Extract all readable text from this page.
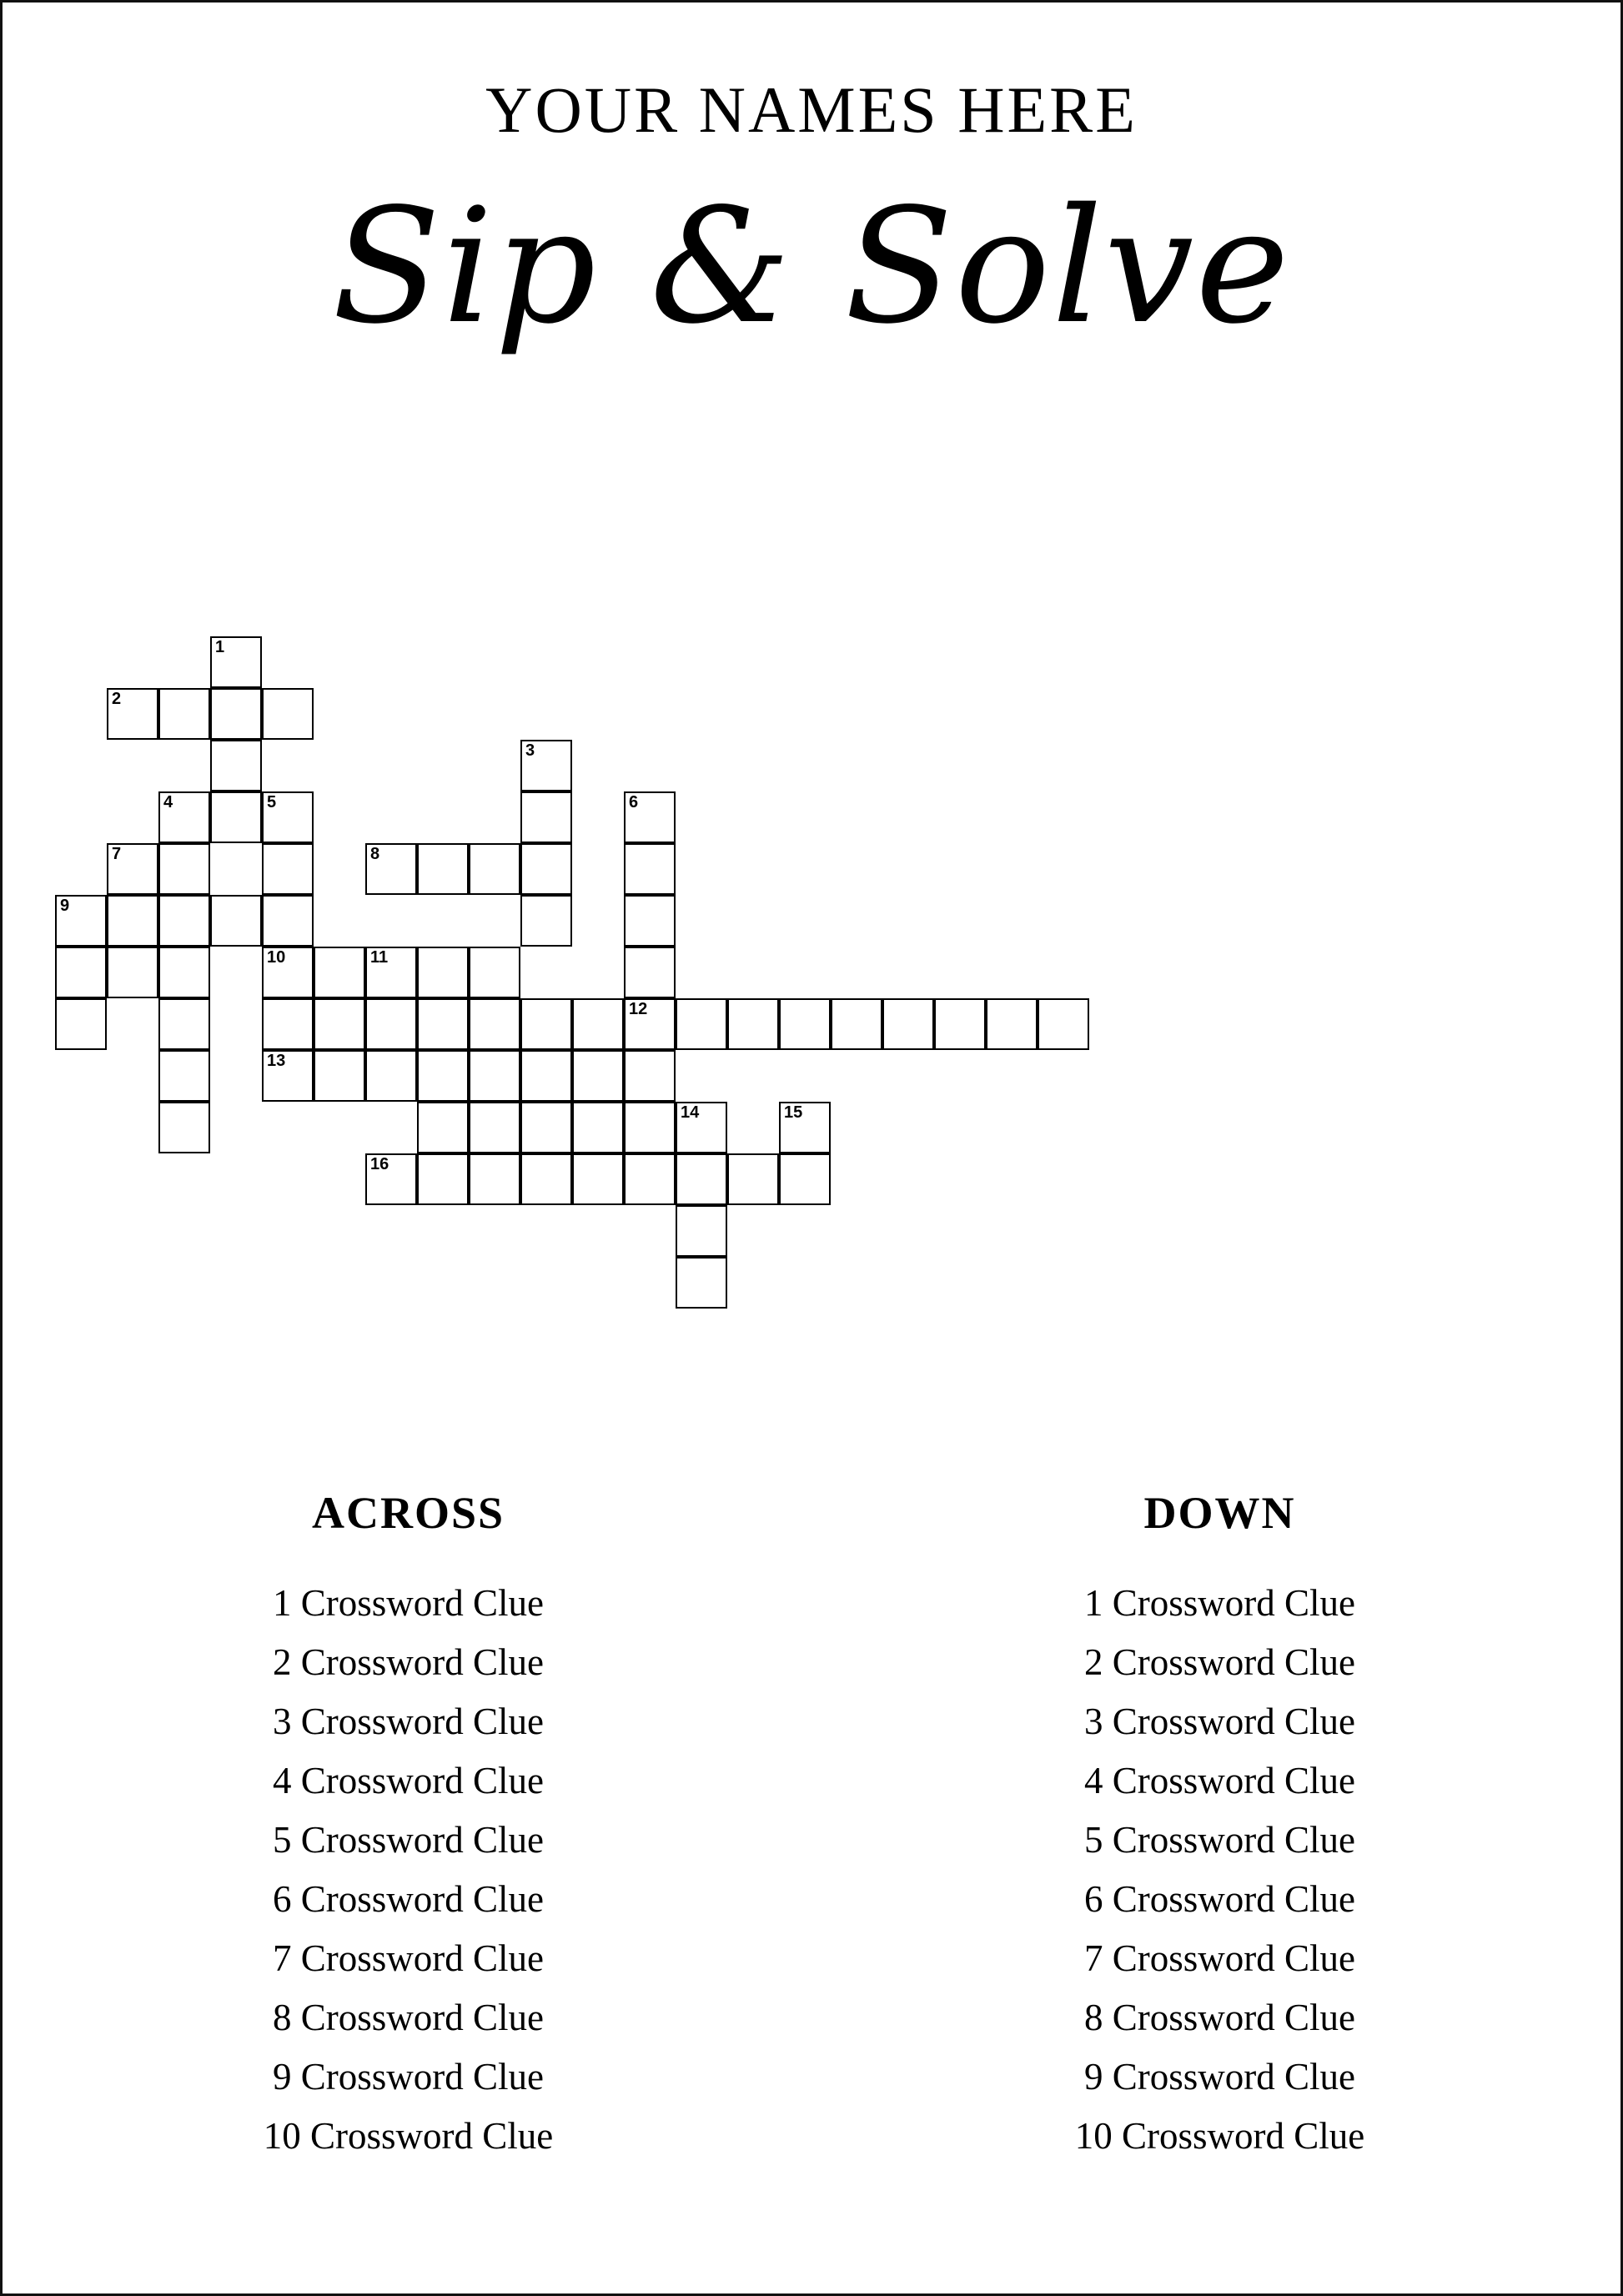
YOUR NAMES HERE
Sip & Solve
1
2
3
4	5	6
7	8
9
10	11
12
13
14	15
16
ACROSS
1 Crossword Clue
2 Crossword Clue
3 Crossword Clue
4 Crossword Clue
5 Crossword Clue
6 Crossword Clue
7 Crossword Clue
8 Crossword Clue
9 Crossword Clue
10 Crossword Clue
DOWN
1 Crossword Clue
2 Crossword Clue
3 Crossword Clue
4 Crossword Clue
5 Crossword Clue
6 Crossword Clue
7 Crossword Clue
8 Crossword Clue
9 Crossword Clue
10 Crossword Clue
